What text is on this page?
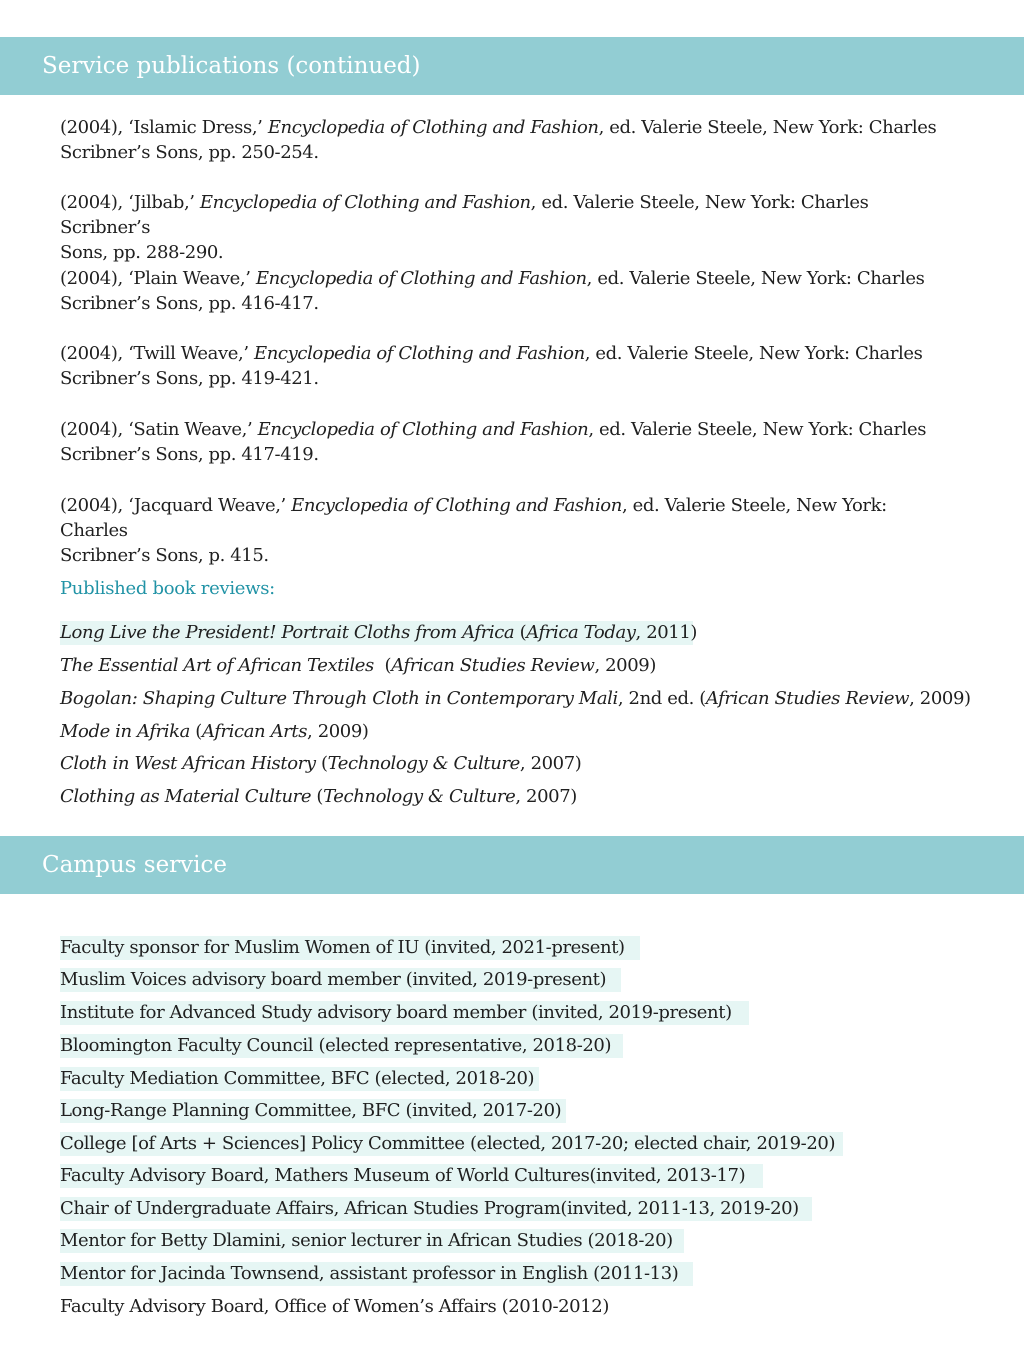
Service publications (continued)
(2004), ‘Islamic Dress,’ Encyclopedia of Clothing and Fashion, ed. Valerie Steele, New York: Charles
Scribner’s Sons, pp. 250-254.
(2004), ‘Jilbab,’ Encyclopedia of Clothing and Fashion, ed. Valerie Steele, New York: Charles Scribner’s
Sons, pp. 288-290.
(2004), ‘Plain Weave,’ Encyclopedia of Clothing and Fashion, ed. Valerie Steele, New York: Charles
Scribner’s Sons, pp. 416-417.
(2004), ‘Twill Weave,’ Encyclopedia of Clothing and Fashion, ed. Valerie Steele, New York: Charles
Scribner’s Sons, pp. 419-421.
(2004), ‘Satin Weave,’ Encyclopedia of Clothing and Fashion, ed. Valerie Steele, New York: Charles
Scribner’s Sons, pp. 417-419.
(2004), ‘Jacquard Weave,’ Encyclopedia of Clothing and Fashion, ed. Valerie Steele, New York: Charles
Scribner’s Sons, p. 415.
Published book reviews:
Long Live the President! Portrait Cloths from Africa (Africa Today, 2011)
The Essential Art of African Textiles  (African Studies Review, 2009)
Bogolan: Shaping Culture Through Cloth in Contemporary Mali, 2nd ed. (African Studies Review, 2009)
Mode in Afrika (African Arts, 2009)
Cloth in West African History (Technology & Culture, 2007)
Clothing as Material Culture (Technology & Culture, 2007)
Campus service
Faculty sponsor for Muslim Women of IU (invited, 2021-present)
Muslim Voices advisory board member (invited, 2019-present)
Institute for Advanced Study advisory board member (invited, 2019-present)
Bloomington Faculty Council (elected representative, 2018-20)
Faculty Mediation Committee, BFC (elected, 2018-20)
Long-Range Planning Committee, BFC (invited, 2017-20)
College [of Arts + Sciences] Policy Committee (elected, 2017-20; elected chair, 2019-20)
Faculty Advisory Board, Mathers Museum of World Cultures(invited, 2013-17)
Chair of Undergraduate Affairs, African Studies Program(invited, 2011-13, 2019-20)
Mentor for Betty Dlamini, senior lecturer in African Studies (2018-20)
Mentor for Jacinda Townsend, assistant professor in English (2011-13)
Faculty Advisory Board, Office of Women’s Affairs (2010-2012)
